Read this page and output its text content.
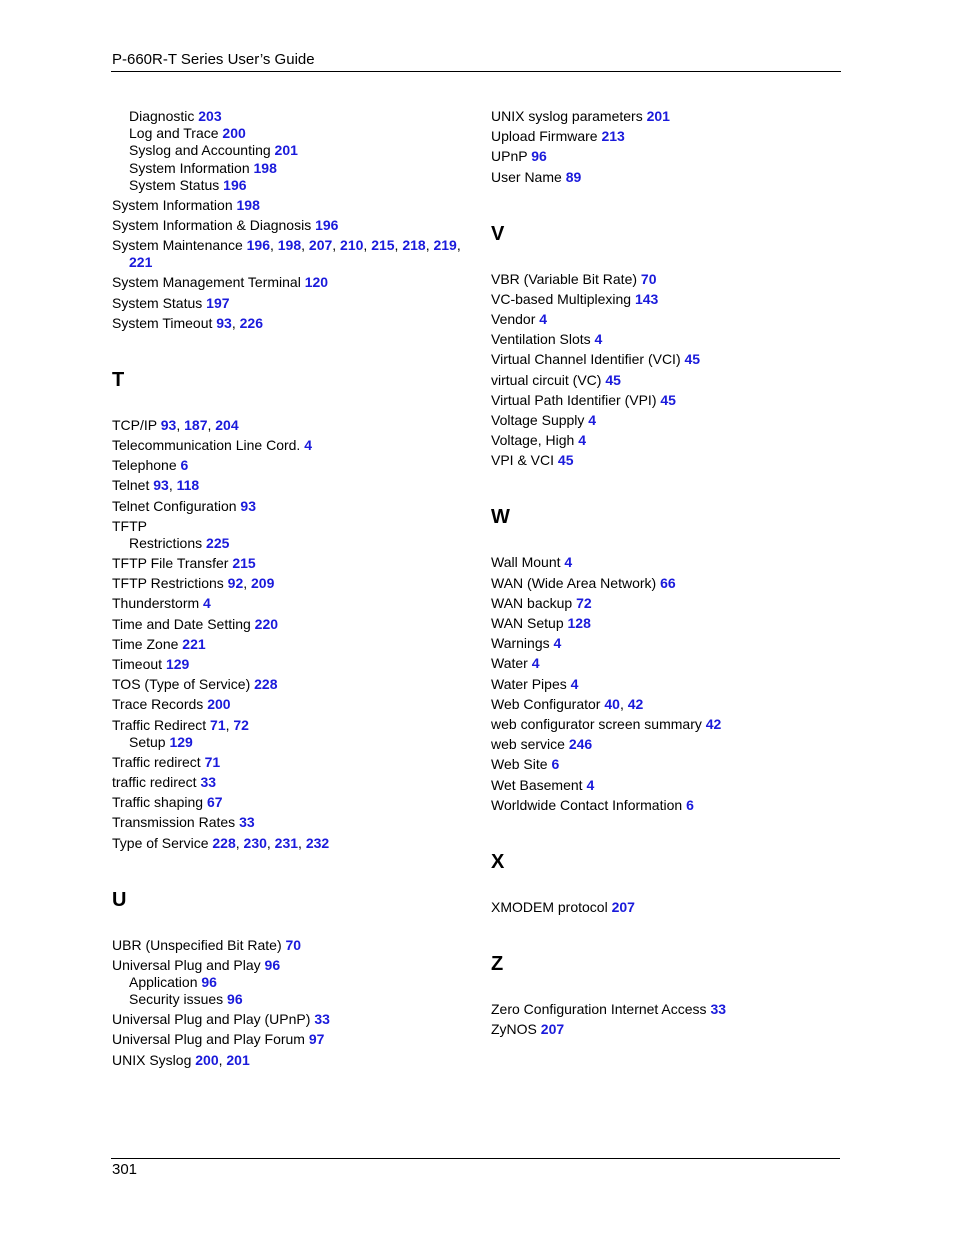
P-660R-T Series User’s Guide
Diagnostic 203
Log and Trace 200
Syslog and Accounting 201
System Information 198
System Status 196
System Information 198
System Information & Diagnosis 196
System Maintenance 196, 198, 207, 210, 215, 218, 219,
221
System Management Terminal 120
System Status 197
System Timeout 93, 226
T
TCP/IP 93, 187, 204
Telecommunication Line Cord. 4
Telephone 6
Telnet 93, 118
Telnet Configuration 93
TFTP
Restrictions 225
TFTP File Transfer 215
TFTP Restrictions 92, 209
Thunderstorm 4
Time and Date Setting 220
Time Zone 221
Timeout 129
TOS (Type of Service) 228
Trace Records 200
Traffic Redirect 71, 72
Setup 129
Traffic redirect 71
traffic redirect 33
Traffic shaping 67
Transmission Rates 33
Type of Service 228, 230, 231, 232
U
UBR (Unspecified Bit Rate) 70
Universal Plug and Play 96
Application 96
Security issues 96
Universal Plug and Play (UPnP) 33
Universal Plug and Play Forum 97
UNIX Syslog 200, 201
UNIX syslog parameters 201
Upload Firmware 213
UPnP 96
User Name 89
V
VBR (Variable Bit Rate) 70
VC-based Multiplexing 143
Vendor 4
Ventilation Slots 4
Virtual Channel Identifier (VCI) 45
virtual circuit (VC) 45
Virtual Path Identifier (VPI) 45
Voltage Supply 4
Voltage, High 4
VPI & VCI 45
W
Wall Mount 4
WAN (Wide Area Network) 66
WAN backup 72
WAN Setup 128
Warnings 4
Water 4
Water Pipes 4
Web Configurator 40, 42
web configurator screen summary 42
web service 246
Web Site 6
Wet Basement 4
Worldwide Contact Information 6
X
XMODEM protocol 207
Z
Zero Configuration Internet Access 33
ZyNOS 207
301
